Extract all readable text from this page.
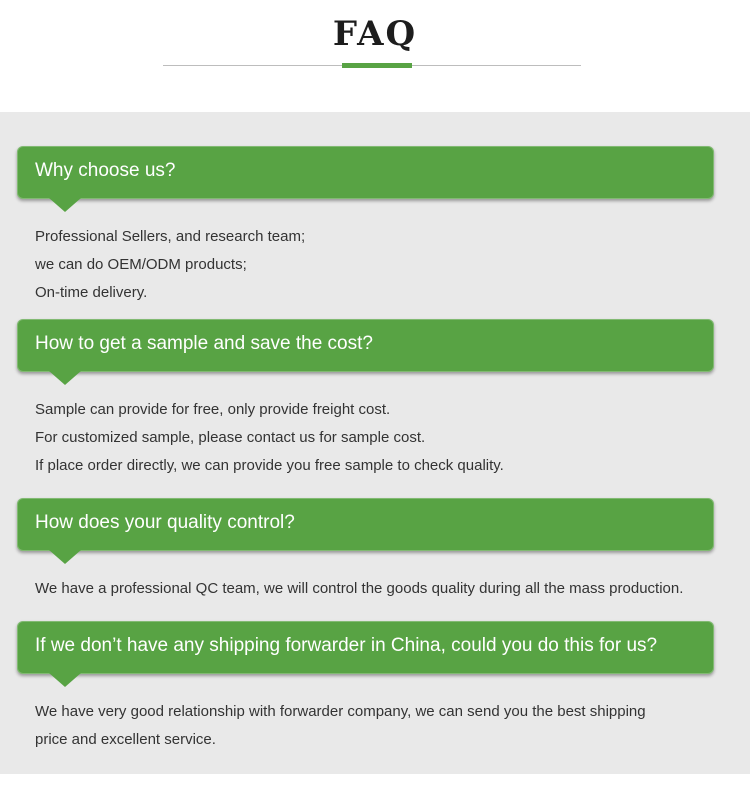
FAQ
Why choose us?
Professional Sellers, and research team;
we can do OEM/ODM products;
On-time delivery.
How to get a sample and save the cost?
Sample can provide for free, only provide freight cost.
For customized sample, please contact us for sample cost.
If place order directly, we can provide you free sample to check quality.
How does your quality control?
We have a professional QC team, we will control the goods quality during all the mass production.
If we don’t have any shipping forwarder in China, could you do this for us?
We have very good relationship with forwarder company, we can send you the best shipping
price and excellent service.
